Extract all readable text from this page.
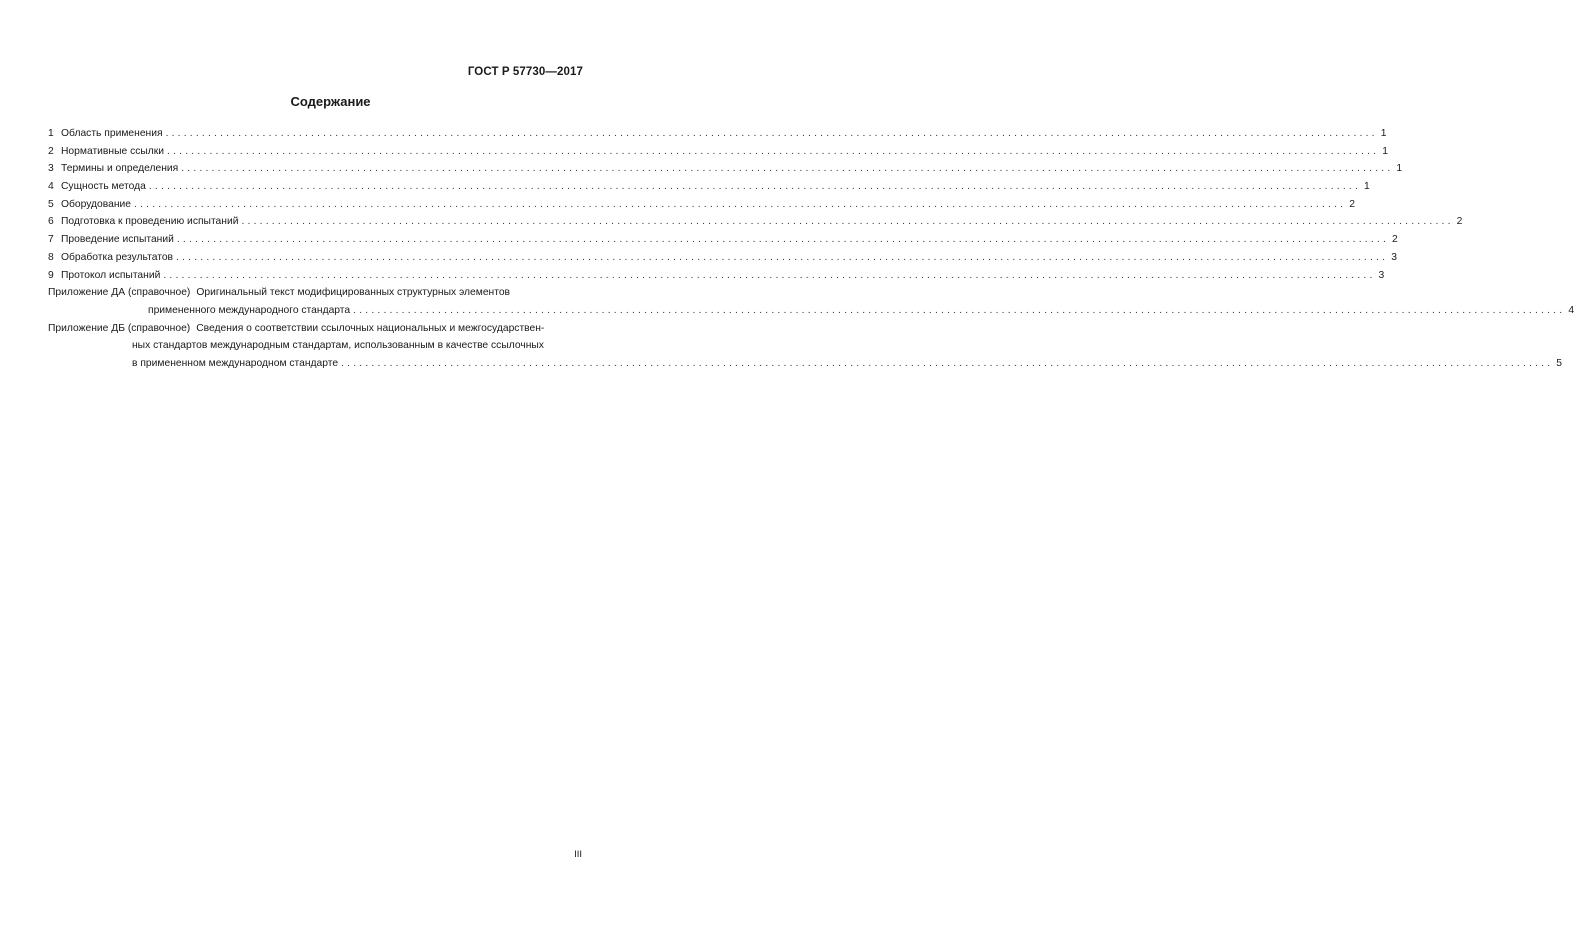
ГОСТ Р 57730—2017
Содержание
1 Область применения ........................................................................................................................................................................................................ 1
2 Нормативные ссылки ........................................................................................................................................................................................................ 1
3 Термины и определения ........................................................................................................................................................................................................ 1
4 Сущность метода ........................................................................................................................................................................................................ 1
5 Оборудование ........................................................................................................................................................................................................ 2
6 Подготовка к проведению испытаний ........................................................................................................................................................................................................ 2
7 Проведение испытаний ........................................................................................................................................................................................................ 2
8 Обработка результатов ........................................................................................................................................................................................................ 3
9 Протокол испытаний ........................................................................................................................................................................................................ 3
Приложение ДА (справочное) Оригинальный текст модифицированных структурных элементов
примененного международного стандарта ........................................................................................................................................................................................................ 4
Приложение ДБ (справочное) Сведения о соответствии ссылочных национальных и межгосударствен-
ных стандартов международным стандартам, использованным в качестве ссылочных
в примененном международном стандарте ........................................................................................................................................................................................................ 5
III
